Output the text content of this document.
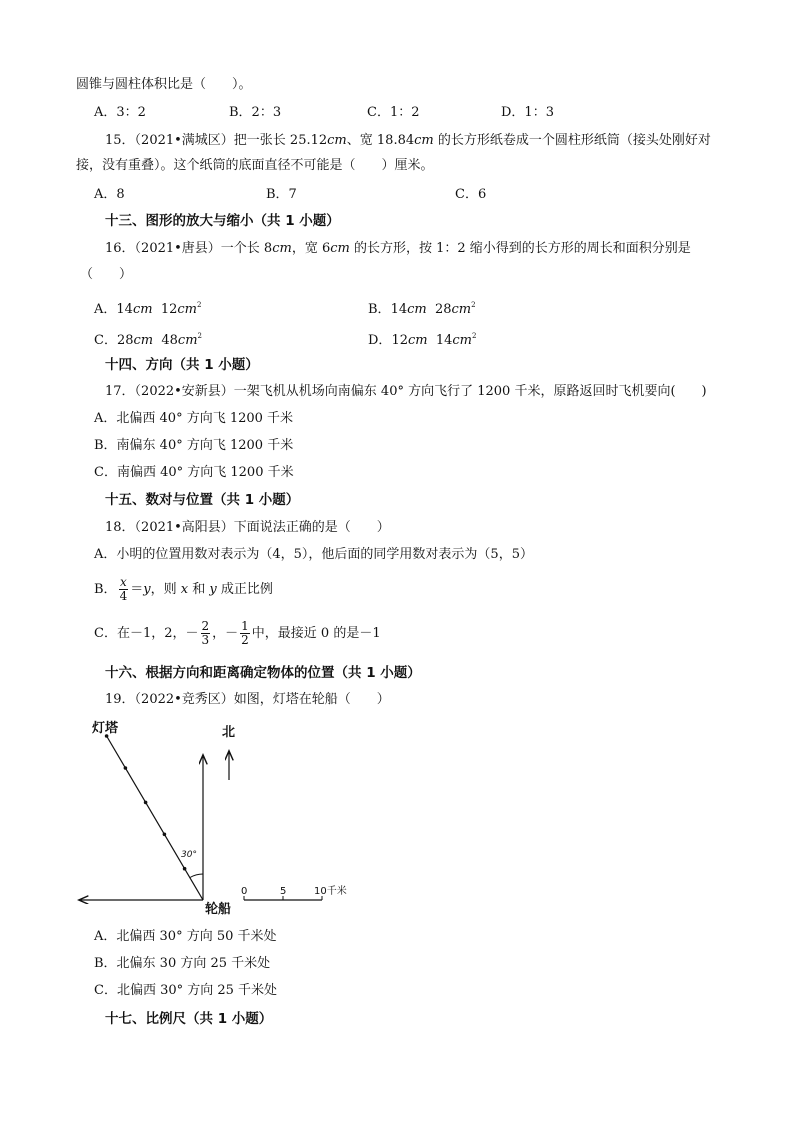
圆锥与圆柱体积比是（　　）。
A．3：2	B．2：3	C．1：2	D．1：3
15．（2021•满城区）把一张长 25.12cm、宽 18.84cm 的长方形纸卷成一个圆柱形纸筒（接头处刚好对
接，没有重叠）。这个纸筒的底面直径不可能是（　　）厘米。
A．8	B．7	C．6
十三、图形的放大与缩小（共 1 小题）
16．（2021•唐县）一个长 8cm，宽 6cm 的长方形，按 1：2 缩小得到的长方形的周长和面积分别是
（　　）
A．14cm $12cm^2$	B．14cm $28cm^2$
C．28cm $48cm^2$	D．12cm $14cm^2$
十四、方向（共 1 小题）
17．（2022•安新县）一架飞机从机场向南偏东 40° 方向飞行了 1200 千米，原路返回时飞机要向(　　)
A．北偏西 40° 方向飞 1200 千米
B．南偏东 40° 方向飞 1200 千米
C．南偏西 40° 方向飞 1200 千米
十五、数对与位置（共 1 小题）
18．（2021•高阳县）下面说法正确的是（　　）
A．小明的位置用数对表示为（4，5），他后面的同学用数对表示为（5，5）
B． $\frac{x}{4} =y$，则 x 和 y 成正比例
C．在－1，2，－ $\frac{2}{3}$ ，－ $\frac{1}{2}$ 中，最接近 0 的是－1
十六、根据方向和距离确定物体的位置（共 1 小题）
19．（2022•竞秀区）如图，灯塔在轮船（　　）
灯塔	北
30°
轮船
0	5	10千米
A．北偏西 30° 方向 50 千米处
B．北偏东 30 方向 25 千米处
C．北偏西 30° 方向 25 千米处
十七、比例尺（共 1 小题）
